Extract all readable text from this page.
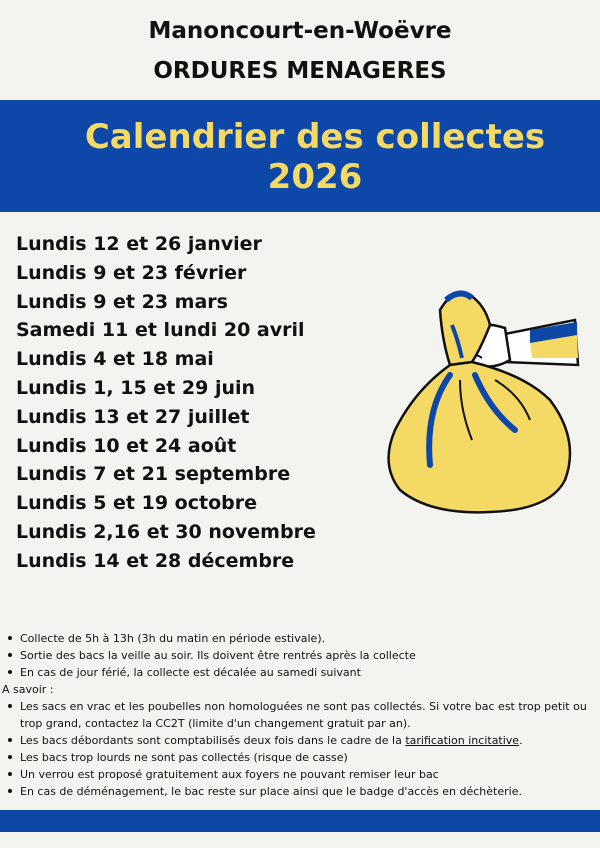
Manoncourt-en-Woëvre
ORDURES MENAGERES
Calendrier des collectes
2026
Lundis 12 et 26 janvier
Lundis 9 et 23 février
Lundis 9 et 23 mars
Samedi 11 et lundi 20 avril
Lundis 4 et 18 mai
Lundis 1, 15 et 29 juin
Lundis 13 et 27 juillet
Lundis 10 et 24 août
Lundis 7 et 21 septembre
Lundis 5 et 19 octobre
Lundis 2,16 et 30 novembre
Lundis 14 et 28 décembre
Collecte de 5h à 13h (3h du matin en période estivale).
Sortie des bacs la veille au soir. Ils doivent être rentrés après la collecte
En cas de jour férié, la collecte est décalée au samedi suivant
A savoir :
Les sacs en vrac et les poubelles non homologuées ne sont pas collectés. Si votre bac est trop petit ou trop grand, contactez la CC2T (limite d'un changement gratuit par an).
Les bacs débordants sont comptabilisés deux fois dans le cadre de la tarification incitative.
Les bacs trop lourds ne sont pas collectés (risque de casse)
Un verrou est proposé gratuitement aux foyers ne pouvant remiser leur bac
En cas de déménagement, le bac reste sur place ainsi que le badge d'accès en déchèterie.
